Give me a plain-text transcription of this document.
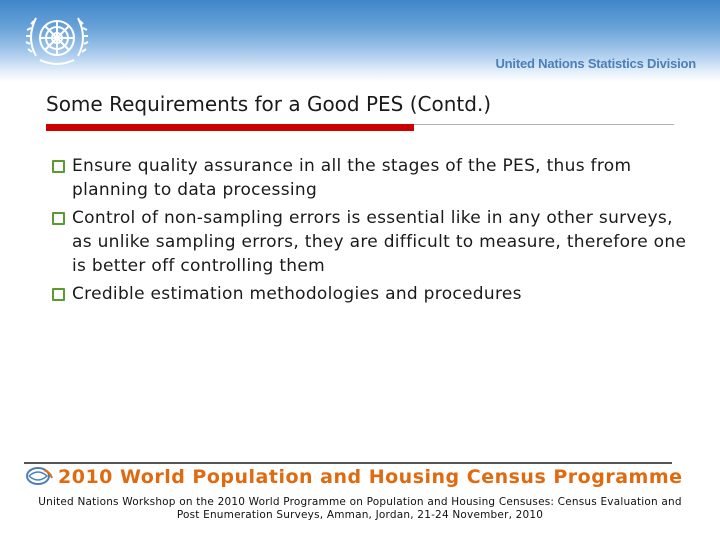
United Nations Statistics Division
Some Requirements for a Good PES (Contd.)
Ensure quality assurance in all the stages of the PES, thus from planning to data processing
Control of non-sampling errors is essential like in any other surveys, as unlike sampling errors, they are difficult to measure, therefore one is better off controlling them
Credible estimation methodologies and procedures
2010 World Population and Housing Census Programme
United Nations Workshop on the 2010 World Programme on Population and Housing Censuses: Census Evaluation and Post Enumeration Surveys, Amman, Jordan, 21-24 November, 2010
